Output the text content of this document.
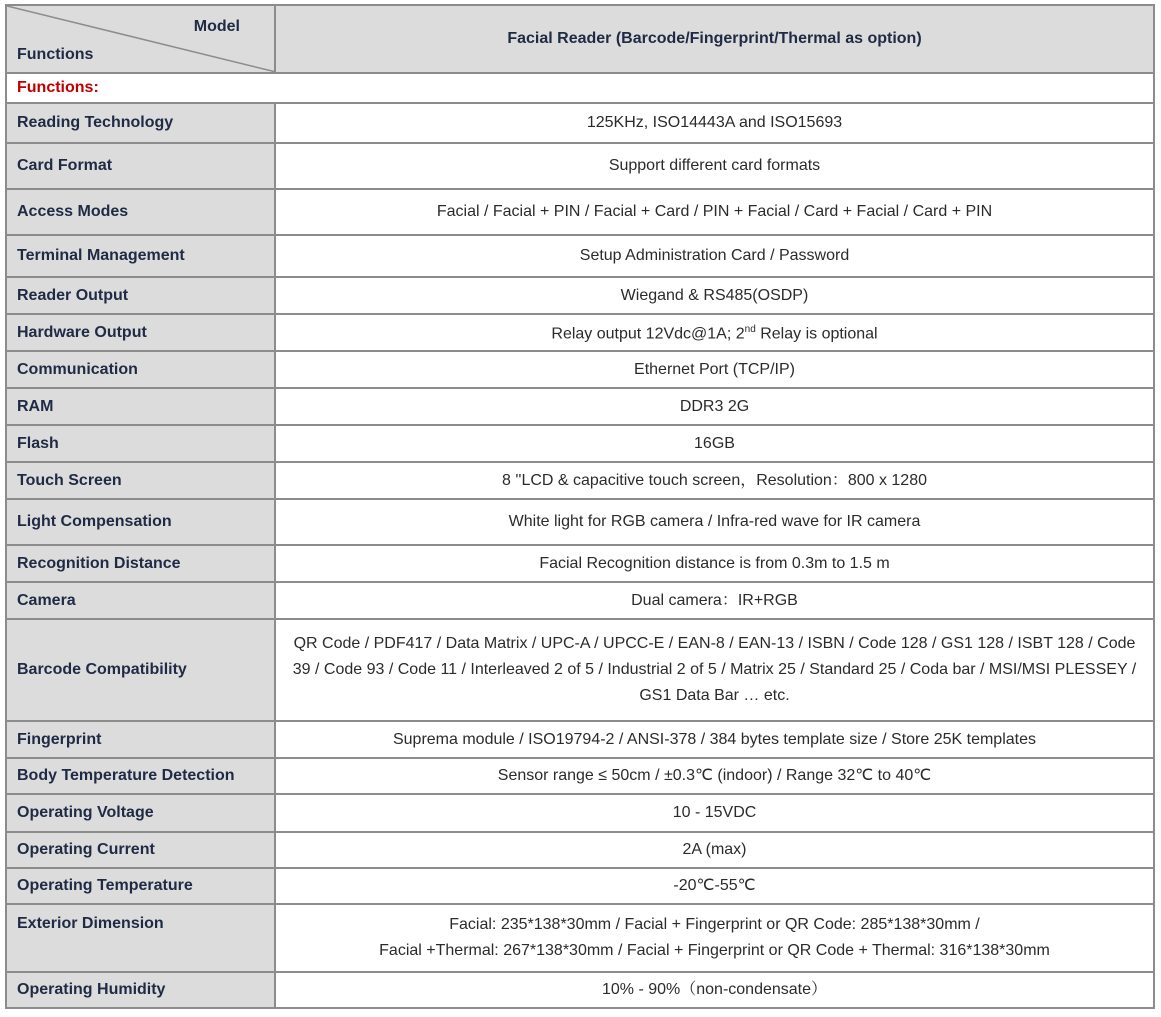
Model
Functions	Facial Reader (Barcode/Fingerprint/Thermal as option)
Functions:	
Reading Technology	125KHz, ISO14443A and ISO15693
Card Format	Support different card formats
Access Modes	Facial / Facial + PIN / Facial + Card / PIN + Facial / Card + Facial / Card + PIN
Terminal Management	Setup Administration Card / Password
Reader Output	Wiegand & RS485(OSDP)
Hardware Output	Relay output 12Vdc@1A; 2nd Relay is optional
Communication	Ethernet Port (TCP/IP)
RAM	DDR3 2G
Flash	16GB
Touch Screen	8 ''LCD & capacitive touch screen，Resolution：800 x 1280
Light Compensation	White light for RGB camera / Infra-red wave for IR camera
Recognition Distance	Facial Recognition distance is from 0.3m to 1.5 m
Camera	Dual camera：IR+RGB
Barcode Compatibility	QR Code / PDF417 / Data Matrix / UPC-A / UPCC-E / EAN-8 / EAN-13 / ISBN / Code 128 / GS1 128 / ISBT 128 / Code 39 / Code 93 / Code 11 / Interleaved 2 of 5 / Industrial 2 of 5 / Matrix 25 / Standard 25 / Coda bar / MSI/MSI PLESSEY / GS1 Data Bar … etc.
Fingerprint	Suprema module / ISO19794-2 / ANSI-378 / 384 bytes template size / Store 25K templates
Body Temperature Detection	Sensor range ≤ 50cm / ±0.3℃ (indoor) / Range 32℃ to 40℃
Operating Voltage	10 - 15VDC
Operating Current	2A (max)
Operating Temperature	-20℃-55℃
Exterior Dimension	Facial: 235*138*30mm / Facial + Fingerprint or QR Code: 285*138*30mm /
Facial +Thermal: 267*138*30mm / Facial + Fingerprint or QR Code + Thermal: 316*138*30mm

Operating Humidity	10% - 90%（non-condensate）
